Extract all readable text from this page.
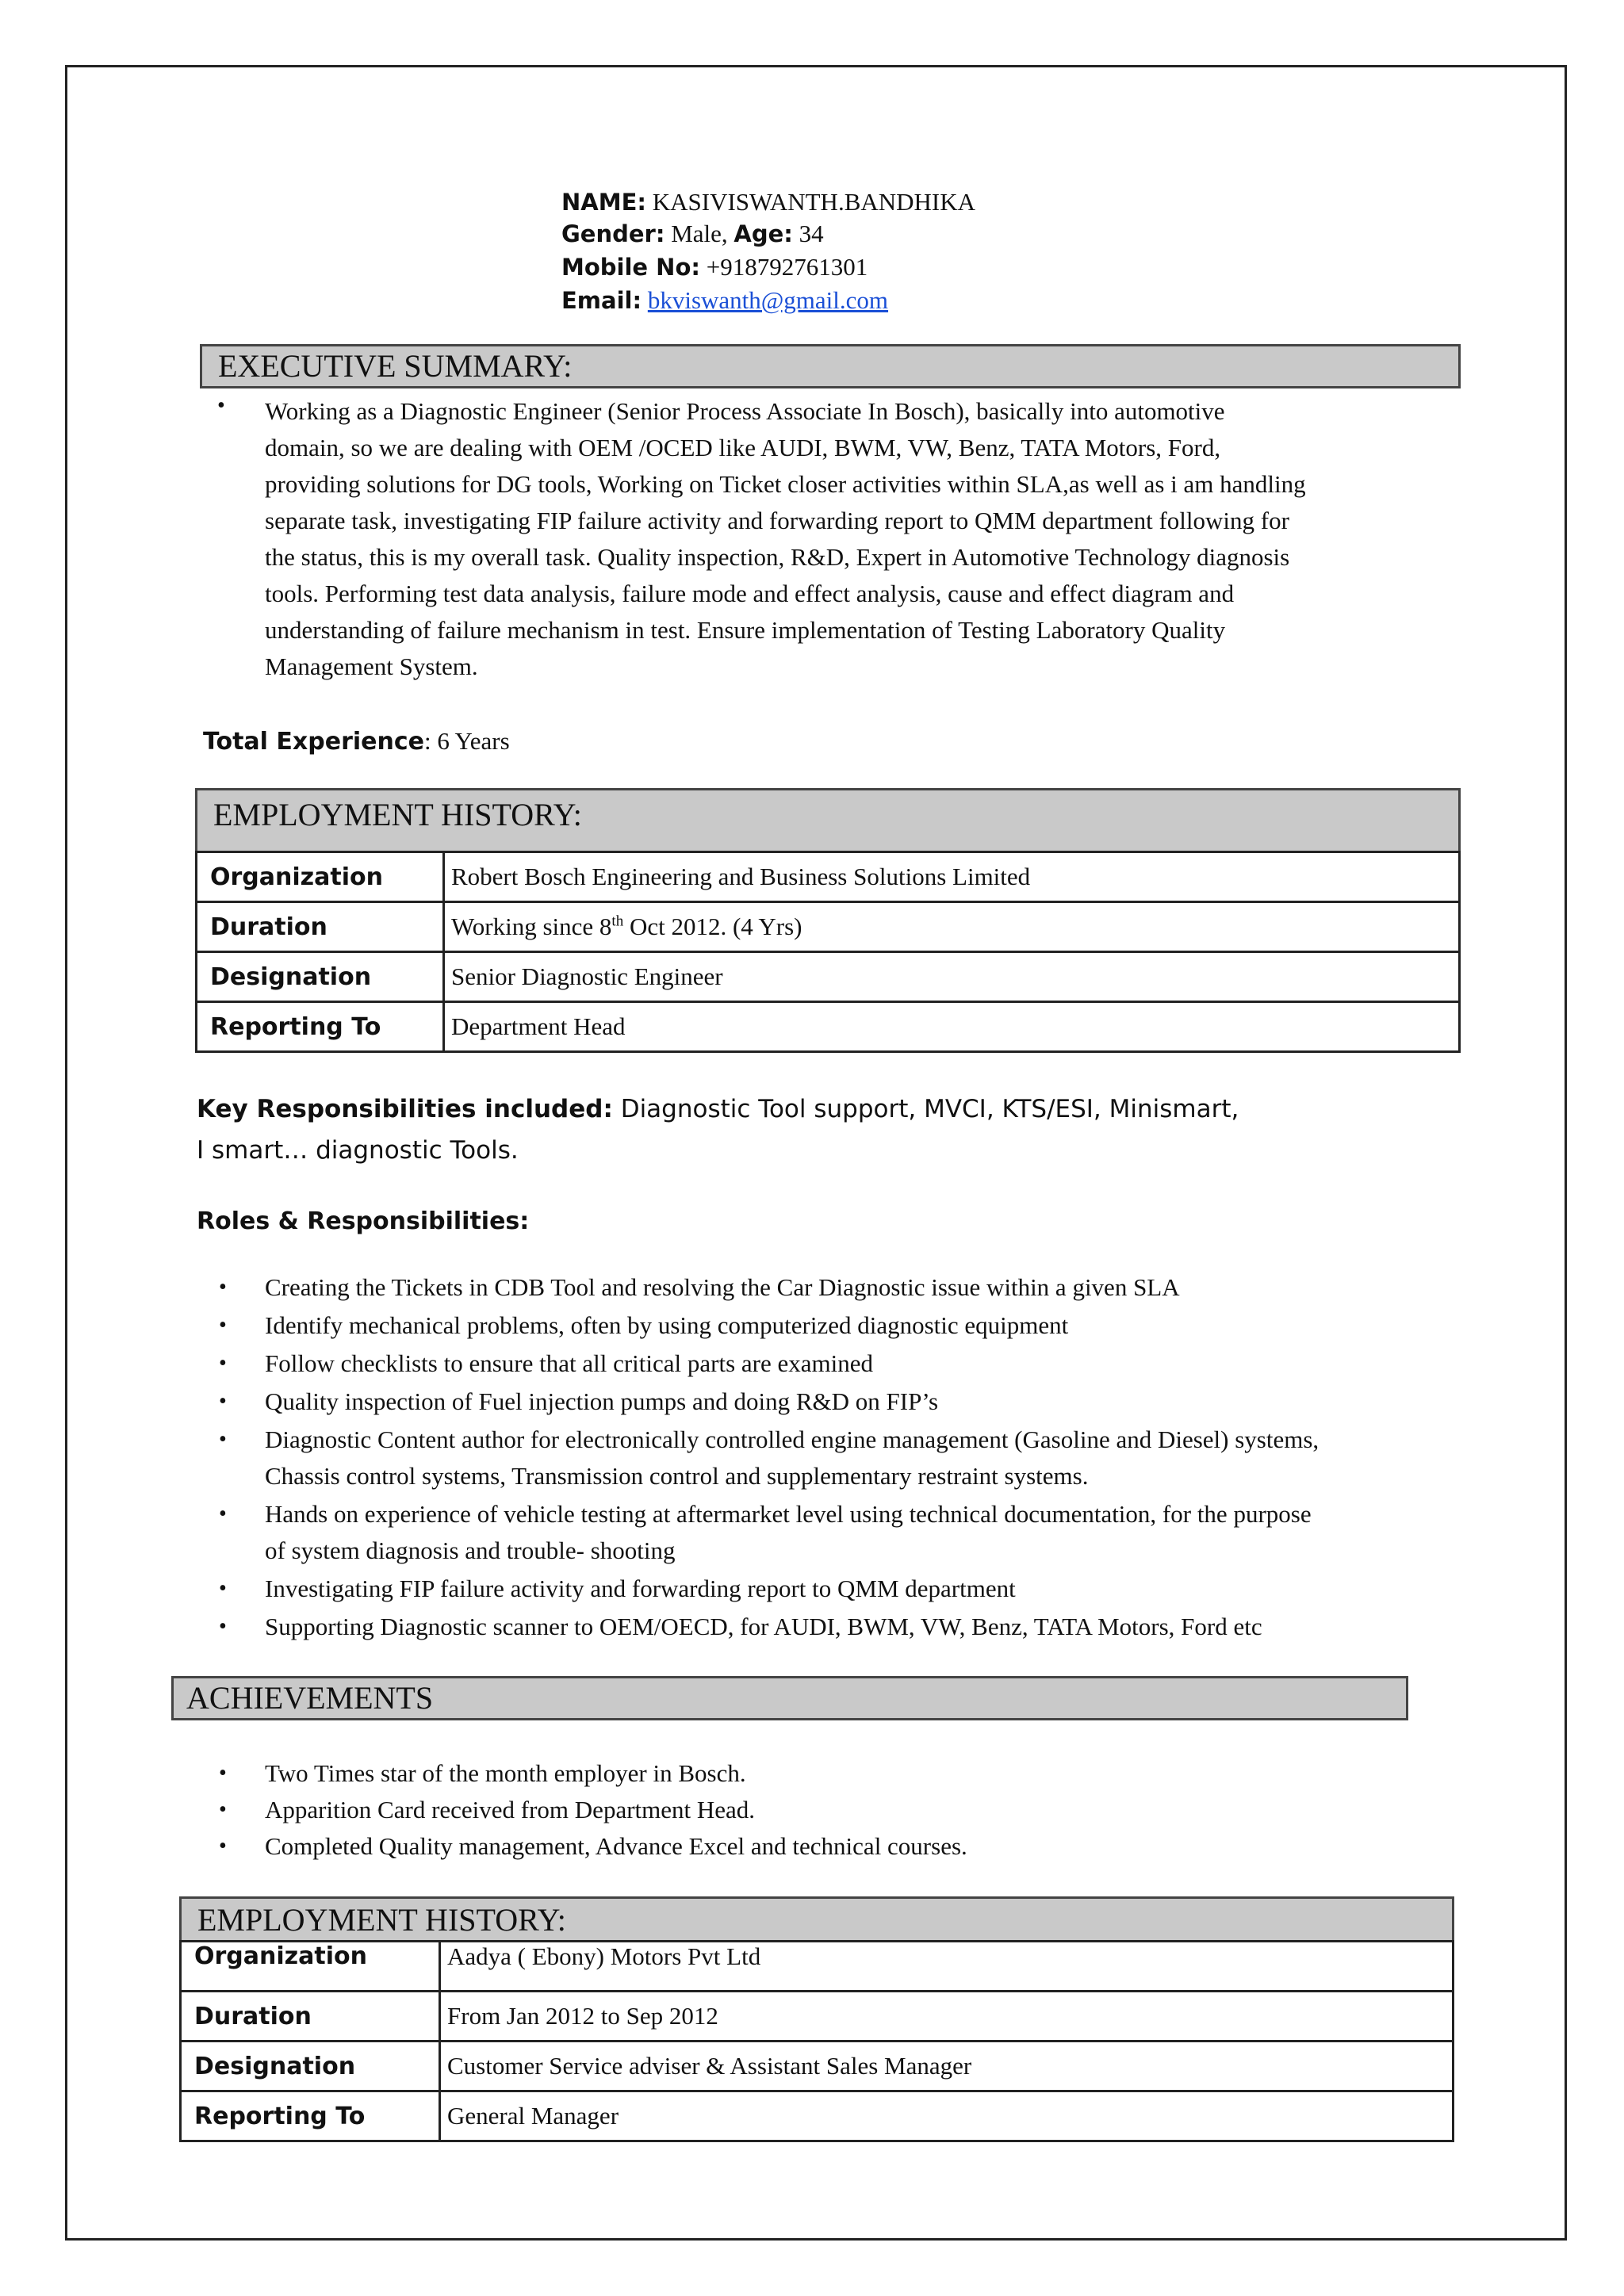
NAME: KASIVISWANTH.BANDHIKA
Gender: Male, Age: 34
Mobile No: +918792761301
Email: bkviswanth@gmail.com
EXECUTIVE SUMMARY:
• Working as a Diagnostic Engineer (Senior Process Associate In Bosch), basically into automotive
domain, so we are dealing with OEM /OCED like AUDI, BWM, VW, Benz, TATA Motors, Ford,
providing solutions for DG tools, Working on Ticket closer activities within SLA,as well as i am handling
separate task, investigating FIP failure activity and forwarding report to QMM department following for
the status, this is my overall task. Quality inspection, R&D, Expert in Automotive Technology diagnosis
tools. Performing test data analysis, failure mode and effect analysis, cause and effect diagram and
understanding of failure mechanism in test. Ensure implementation of Testing Laboratory Quality
Management System.
Total Experience: 6 Years
EMPLOYMENT HISTORY:
Organization	Robert Bosch Engineering and Business Solutions Limited
Duration	Working since 8th Oct 2012. (4 Yrs)
Designation	Senior Diagnostic Engineer
Reporting To	Department Head
Key Responsibilities included: Diagnostic Tool support, MVCI, KTS/ESI, Minismart,
I smart… diagnostic Tools.
Roles & Responsibilities:
• Creating the Tickets in CDB Tool and resolving the Car Diagnostic issue within a given SLA
• Identify mechanical problems, often by using computerized diagnostic equipment
• Follow checklists to ensure that all critical parts are examined
• Quality inspection of Fuel injection pumps and doing R&D on FIP’s
• Diagnostic Content author for electronically controlled engine management (Gasoline and Diesel) systems,
Chassis control systems, Transmission control and supplementary restraint systems.
• Hands on experience of vehicle testing at aftermarket level using technical documentation, for the purpose
of system diagnosis and trouble- shooting
• Investigating FIP failure activity and forwarding report to QMM department
• Supporting Diagnostic scanner to OEM/OECD, for AUDI, BWM, VW, Benz, TATA Motors, Ford etc
ACHIEVEMENTS
• Two Times star of the month employer in Bosch.
• Apparition Card received from Department Head.
• Completed Quality management, Advance Excel and technical courses.
EMPLOYMENT HISTORY:
Organization	Aadya ( Ebony) Motors Pvt Ltd
Duration	From Jan 2012 to Sep 2012
Designation	Customer Service adviser & Assistant Sales Manager
Reporting To	General Manager
